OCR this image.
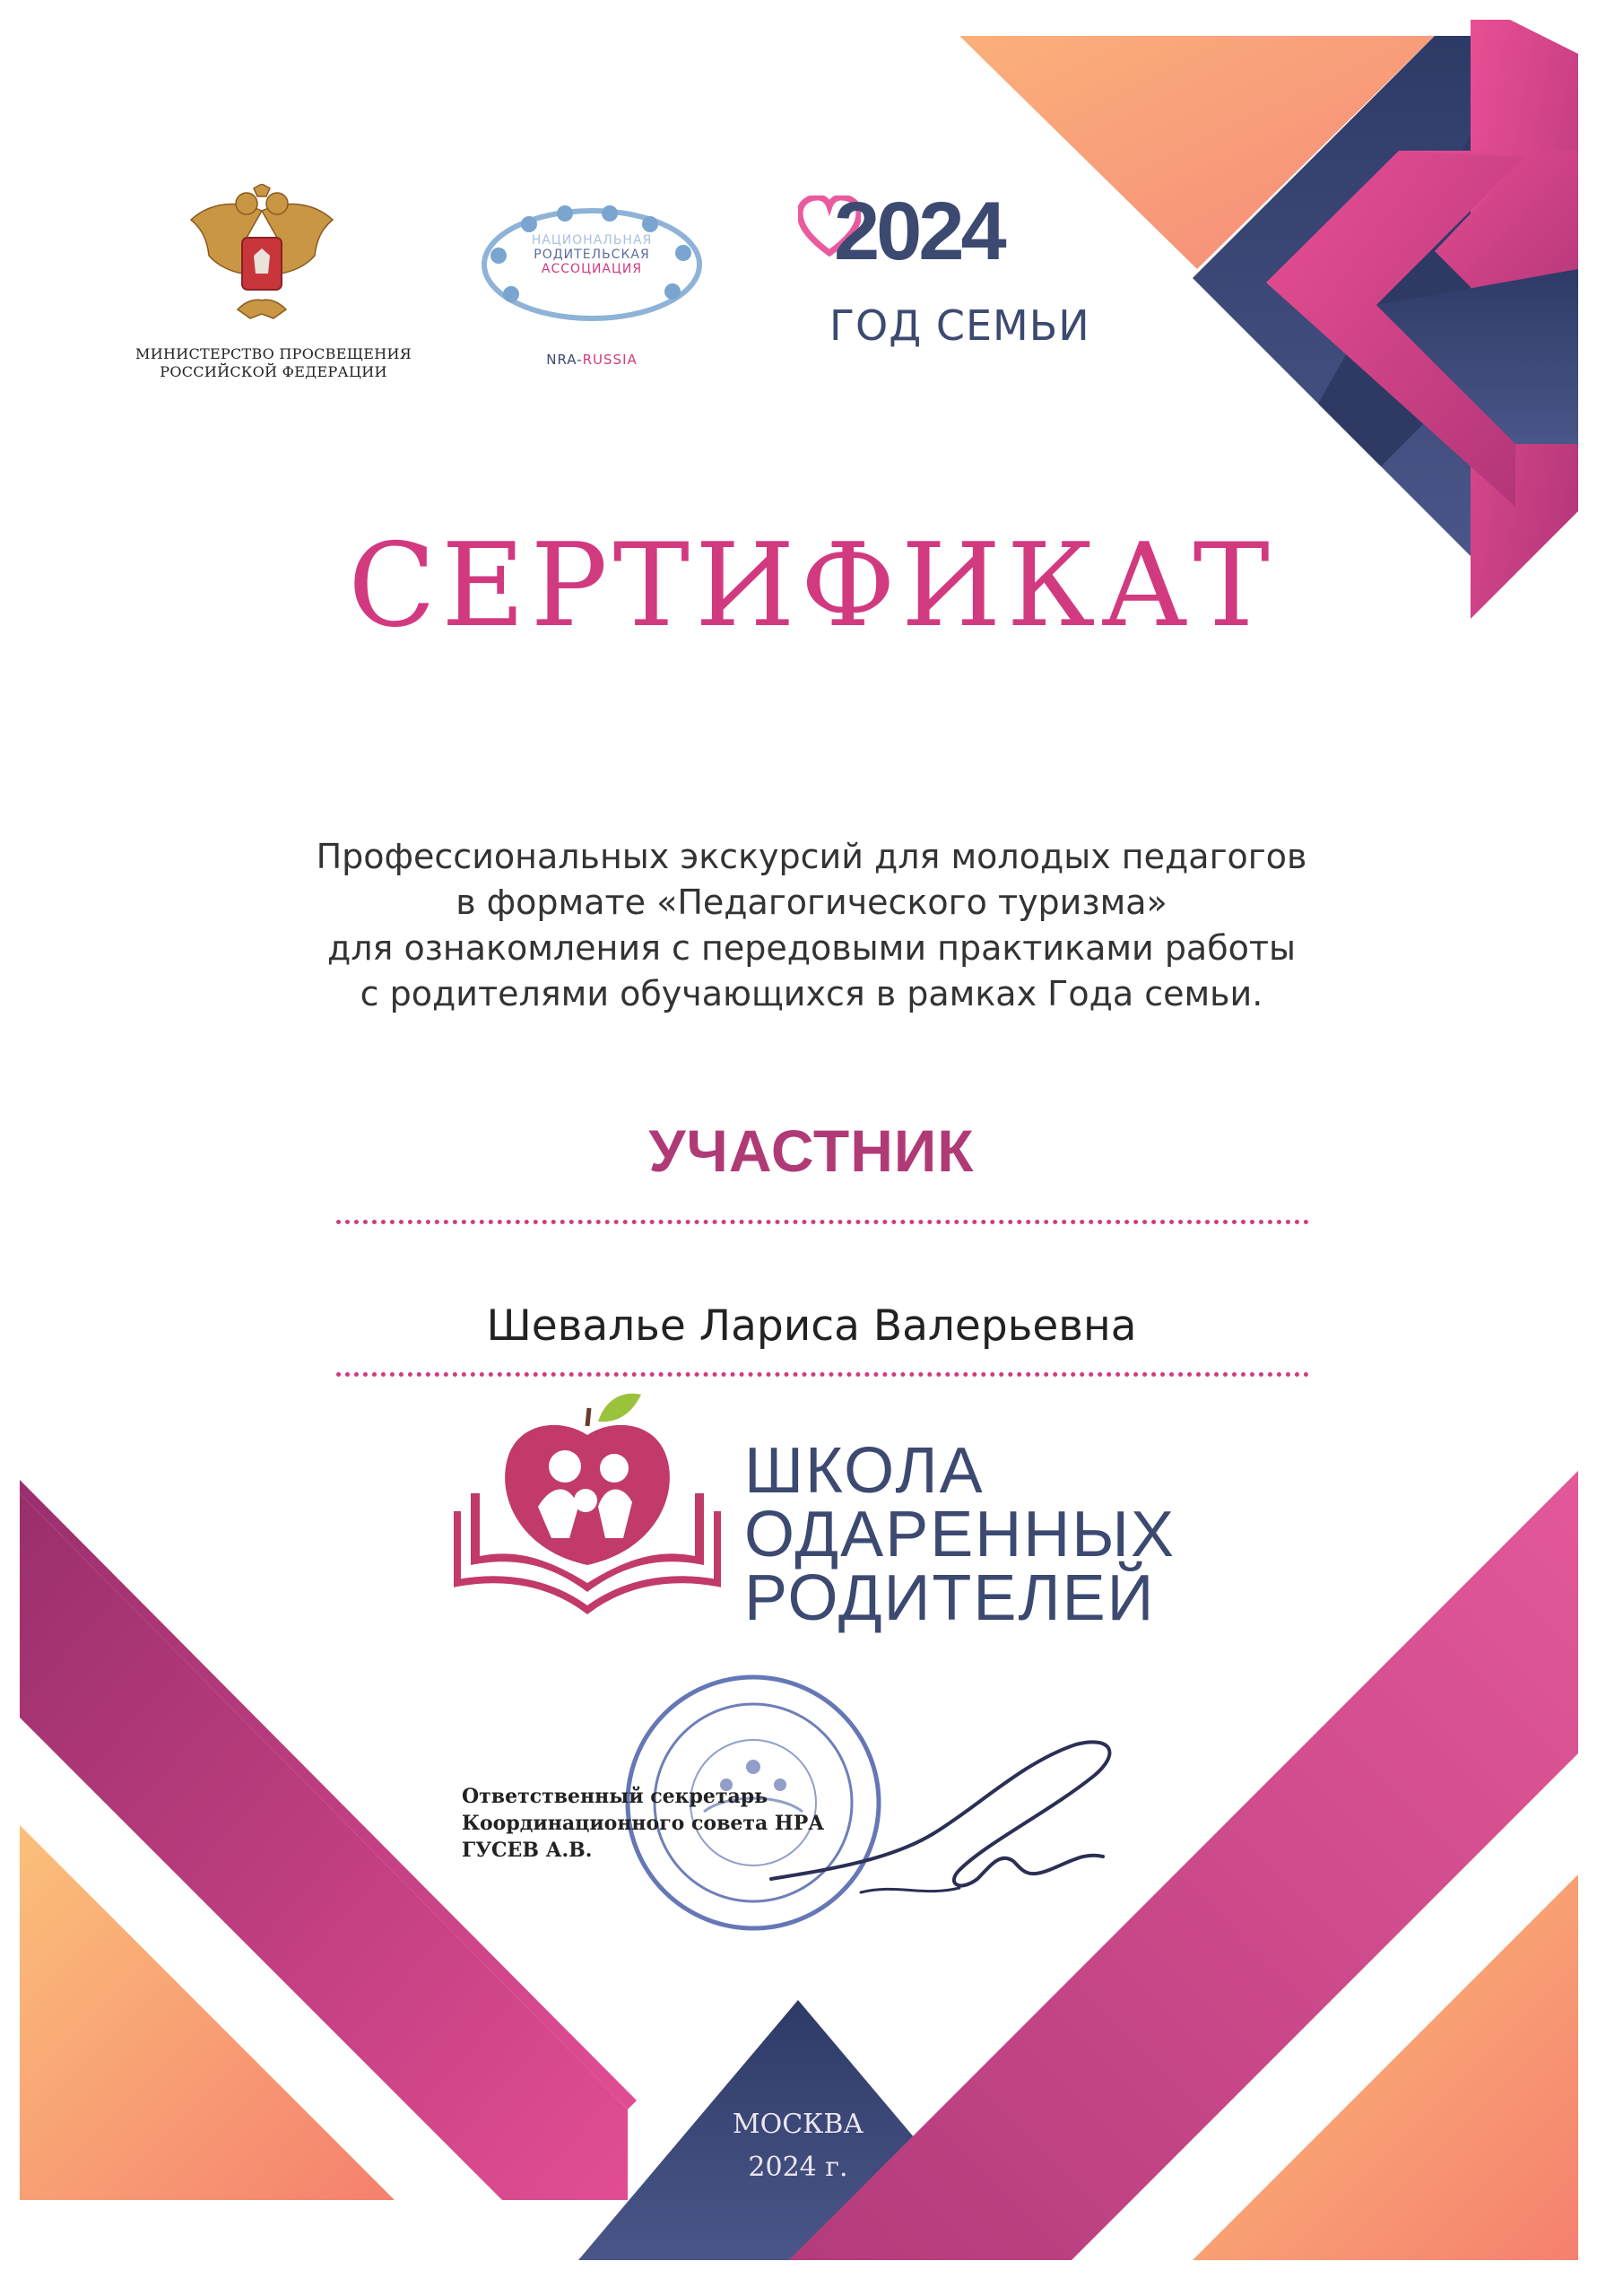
МИНИСТЕРСТВО ПРОСВЕЩЕНИЯ
РОССИЙСКОЙ ФЕДЕРАЦИИ
НАЦИОНАЛЬНАЯ
РОДИТЕЛЬСКАЯ
АССОЦИАЦИЯ
NRA-RUSSIA
2024
ГОД СЕМЬИ
СЕРТИФИКАТ
Профессиональных экскурсий для молодых педагогов
в формате «Педагогического туризма»
для ознакомления с передовыми практиками работы
с родителями обучающихся в рамках Года семьи.
УЧАСТНИК
Шевалье Лариса Валерьевна
ШКОЛА
ОДАРЕННЫХ
РОДИТЕЛЕЙ
Ответственный секретарь
Координационного совета НРА
ГУСЕВ А.В.
МОСКВА
2024 г.
